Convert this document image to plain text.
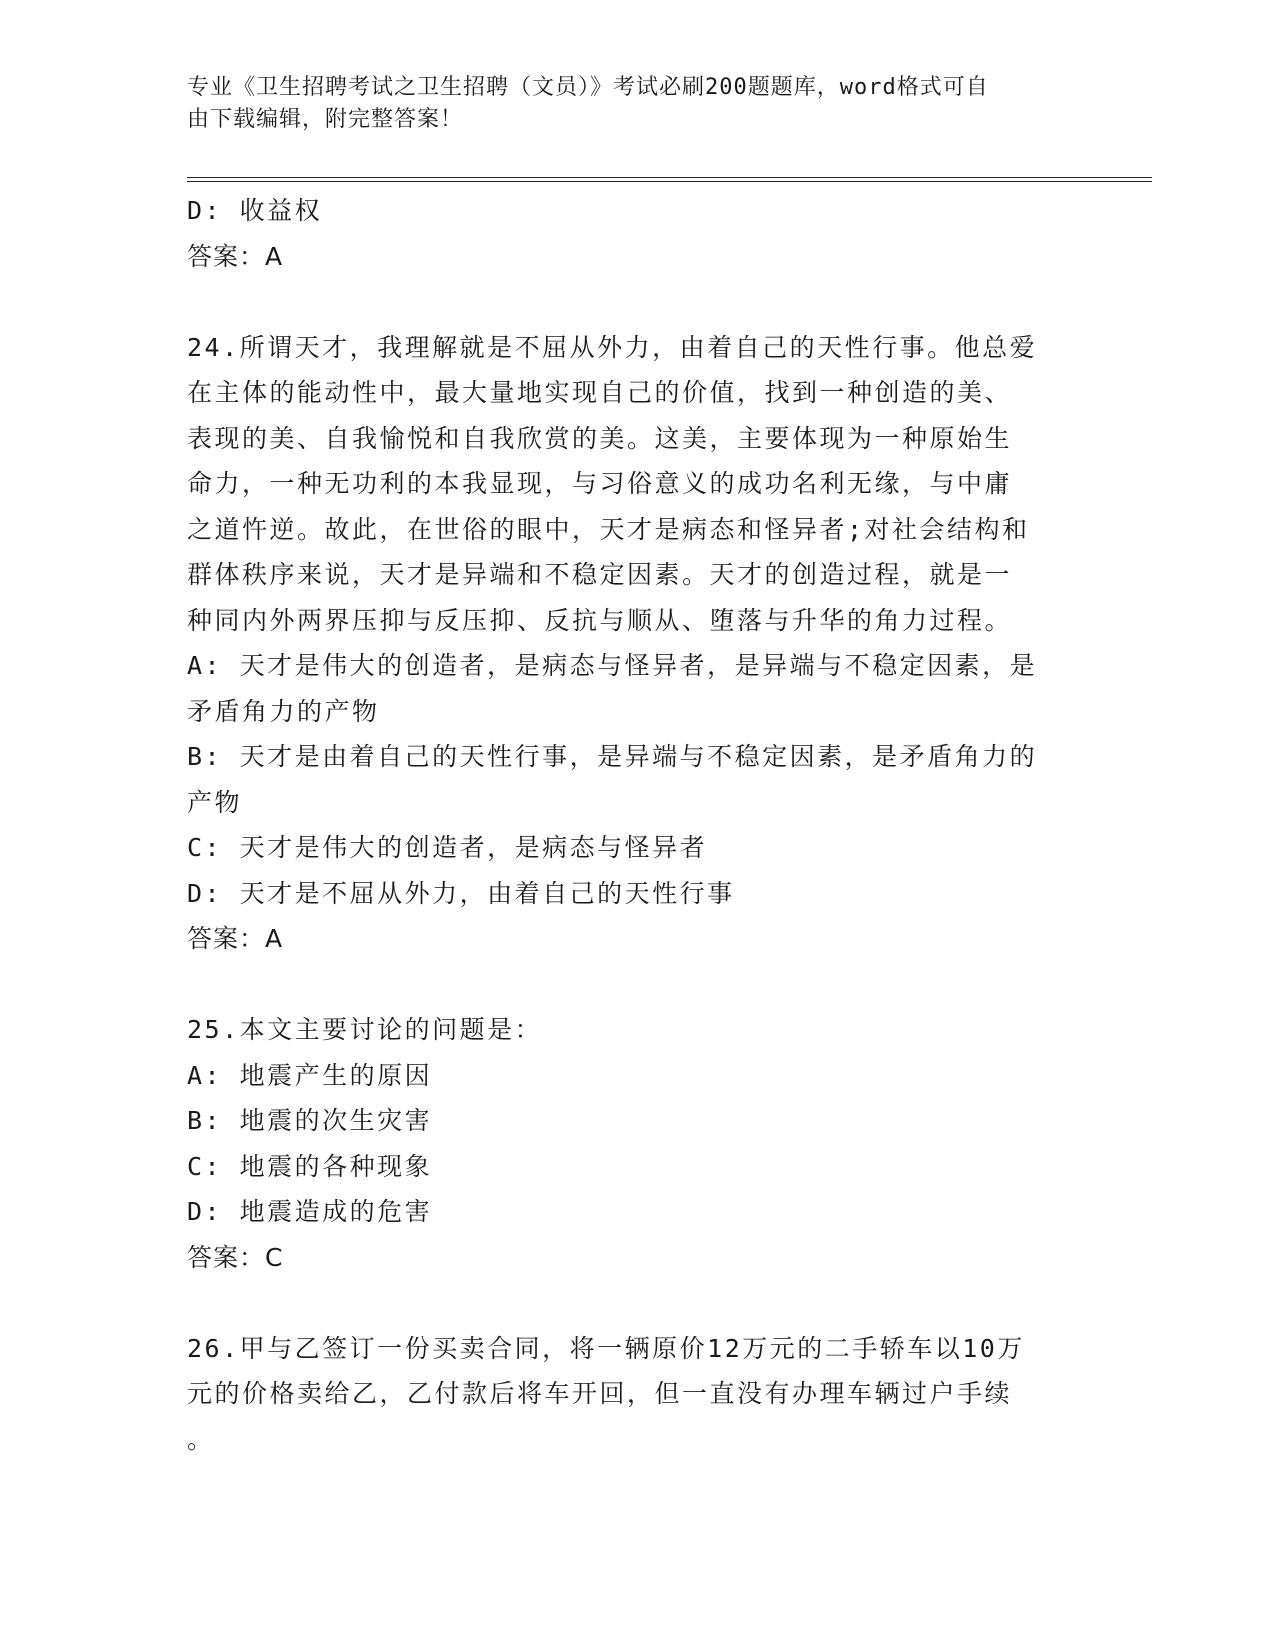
专业《卫生招聘考试之卫生招聘（文员）》考试必刷200题题库，word格式可自
由下载编辑，附完整答案！
D: 收益权
答案：A
24.所谓天才，我理解就是不屈从外力，由着自己的天性行事。他总爱
在主体的能动性中，最大量地实现自己的价值，找到一种创造的美、
表现的美、自我愉悦和自我欣赏的美。这美，主要体现为一种原始生
命力，一种无功利的本我显现，与习俗意义的成功名利无缘，与中庸
之道忤逆。故此，在世俗的眼中，天才是病态和怪异者;对社会结构和
群体秩序来说，天才是异端和不稳定因素。天才的创造过程，就是一
种同内外两界压抑与反压抑、反抗与顺从、堕落与升华的角力过程。
A: 天才是伟大的创造者，是病态与怪异者，是异端与不稳定因素，是
矛盾角力的产物
B: 天才是由着自己的天性行事，是异端与不稳定因素，是矛盾角力的
产物
C: 天才是伟大的创造者，是病态与怪异者
D: 天才是不屈从外力，由着自己的天性行事
答案：A
25.本文主要讨论的问题是：
A: 地震产生的原因
B: 地震的次生灾害
C: 地震的各种现象
D: 地震造成的危害
答案：C
26.甲与乙签订一份买卖合同，将一辆原价12万元的二手轿车以10万
元的价格卖给乙，乙付款后将车开回，但一直没有办理车辆过户手续
。
